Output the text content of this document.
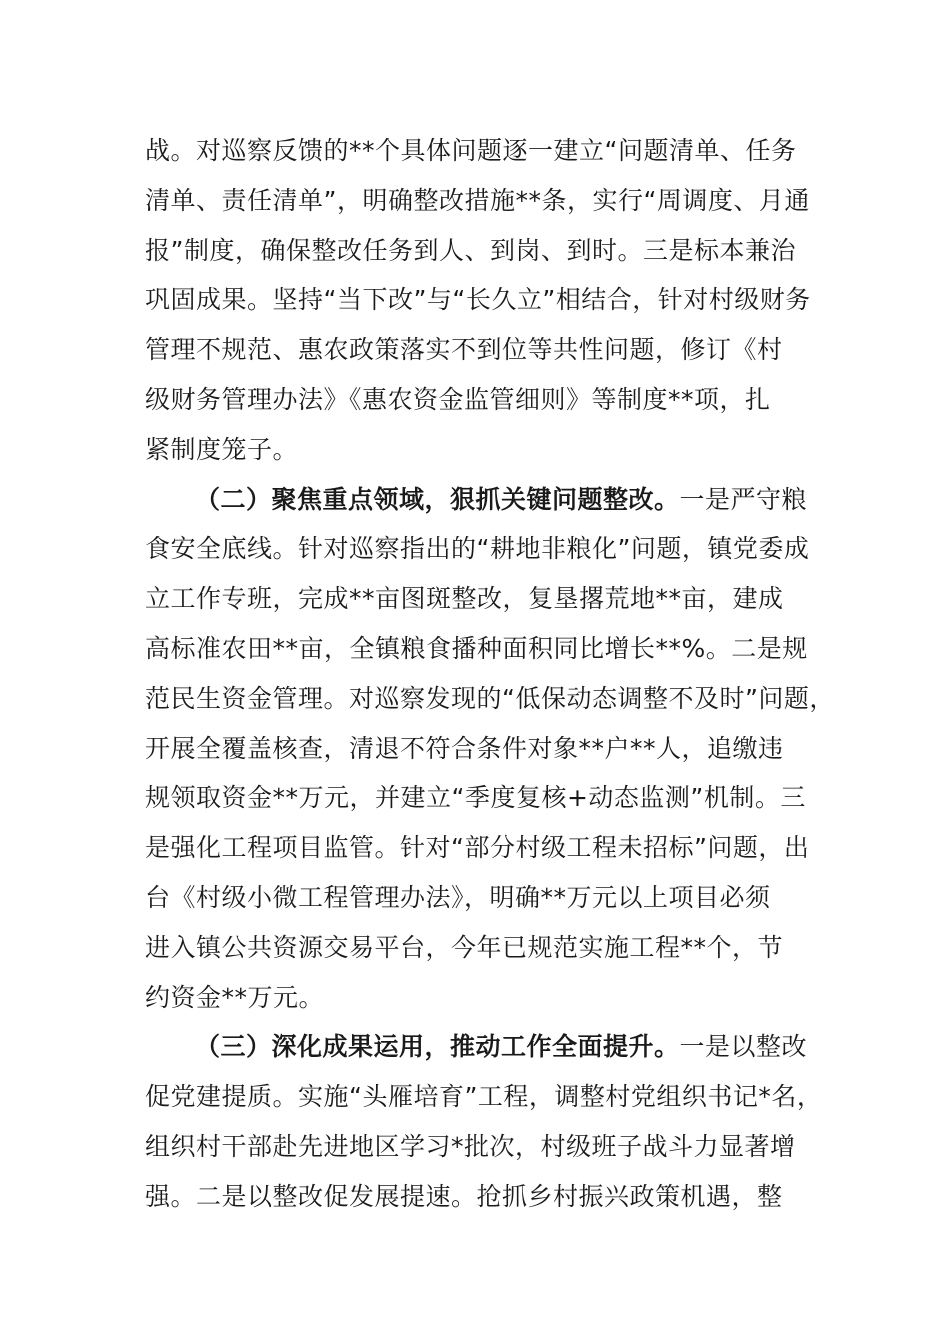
战。对巡察反馈的**个具体问题逐一建立“问题清单、任务
清单、责任清单”，明确整改措施**条，实行“周调度、月通
报”制度，确保整改任务到人、到岗、到时。三是标本兼治
巩固成果。坚持“当下改”与“长久立”相结合，针对村级财务
管理不规范、惠农政策落实不到位等共性问题，修订《村
级财务管理办法》《惠农资金监管细则》等制度**项，扎
紧制度笼子。
（二）聚焦重点领域，狠抓关键问题整改。一是严守粮
食安全底线。针对巡察指出的“耕地非粮化”问题，镇党委成
立工作专班，完成**亩图斑整改，复垦撂荒地**亩，建成
高标准农田**亩，全镇粮食播种面积同比增长**%。二是规
范民生资金管理。对巡察发现的“低保动态调整不及时”问题，
开展全覆盖核查，清退不符合条件对象**户**人，追缴违
规领取资金**万元，并建立“季度复核+动态监测”机制。三
是强化工程项目监管。针对“部分村级工程未招标”问题，出
台《村级小微工程管理办法》，明确**万元以上项目必须
进入镇公共资源交易平台，今年已规范实施工程**个，节
约资金**万元。
（三）深化成果运用，推动工作全面提升。一是以整改
促党建提质。实施“头雁培育”工程，调整村党组织书记*名，
组织村干部赴先进地区学习*批次，村级班子战斗力显著增
强。二是以整改促发展提速。抢抓乡村振兴政策机遇，整
